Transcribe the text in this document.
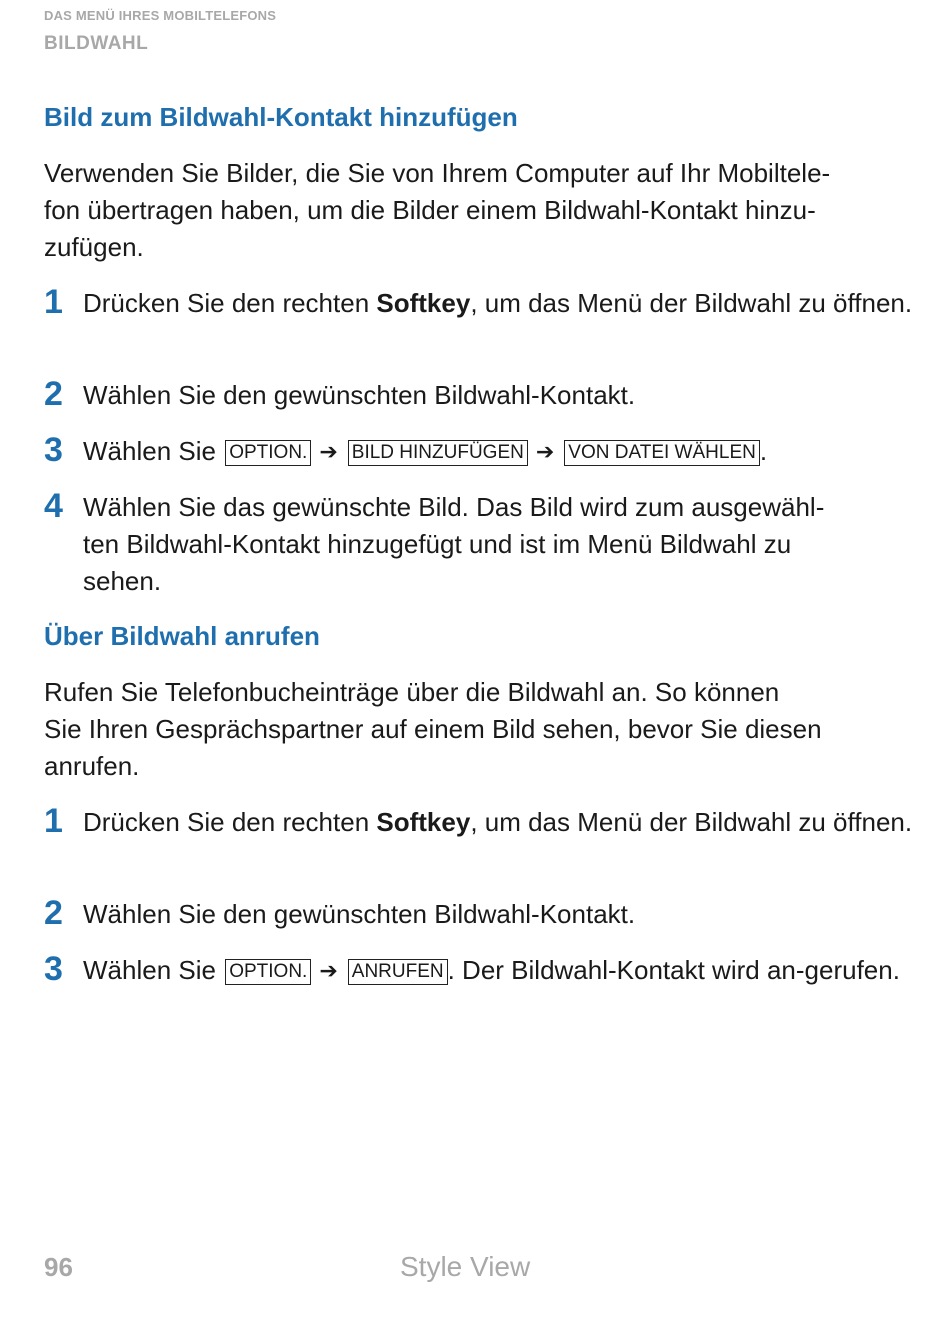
DAS MENÜ IHRES MOBILTELEFONS
BILDWAHL
Bild zum Bildwahl-Kontakt hinzufügen

Verwenden Sie Bilder, die Sie von Ihrem Computer auf Ihr Mobiltele-
fon übertragen haben, um die Bilder einem Bildwahl-Kontakt hinzu-
zufügen.

1 Drücken Sie den rechten Softkey, um das Menü der Bildwahl zu öffnen.
2 Wählen Sie den gewünschten Bildwahl-Kontakt.
3 Wählen Sie OPTION. ➔ BILD HINZUFÜGEN ➔ VON DATEI WÄHLEN .
4 Wählen Sie das gewünschte Bild. Das Bild wird zum ausgewähl-
ten Bildwahl-Kontakt hinzugefügt und ist im Menü Bildwahl zu
sehen.
Über Bildwahl anrufen

Rufen Sie Telefonbucheinträge über die Bildwahl an. So können
Sie Ihren Gesprächspartner auf einem Bild sehen, bevor Sie diesen
anrufen.

1 Drücken Sie den rechten Softkey, um das Menü der Bildwahl zu öffnen.
2 Wählen Sie den gewünschten Bildwahl-Kontakt.
3 Wählen Sie OPTION. ➔ ANRUFEN . Der Bildwahl-Kontakt wird an-gerufen.
96	Style View
